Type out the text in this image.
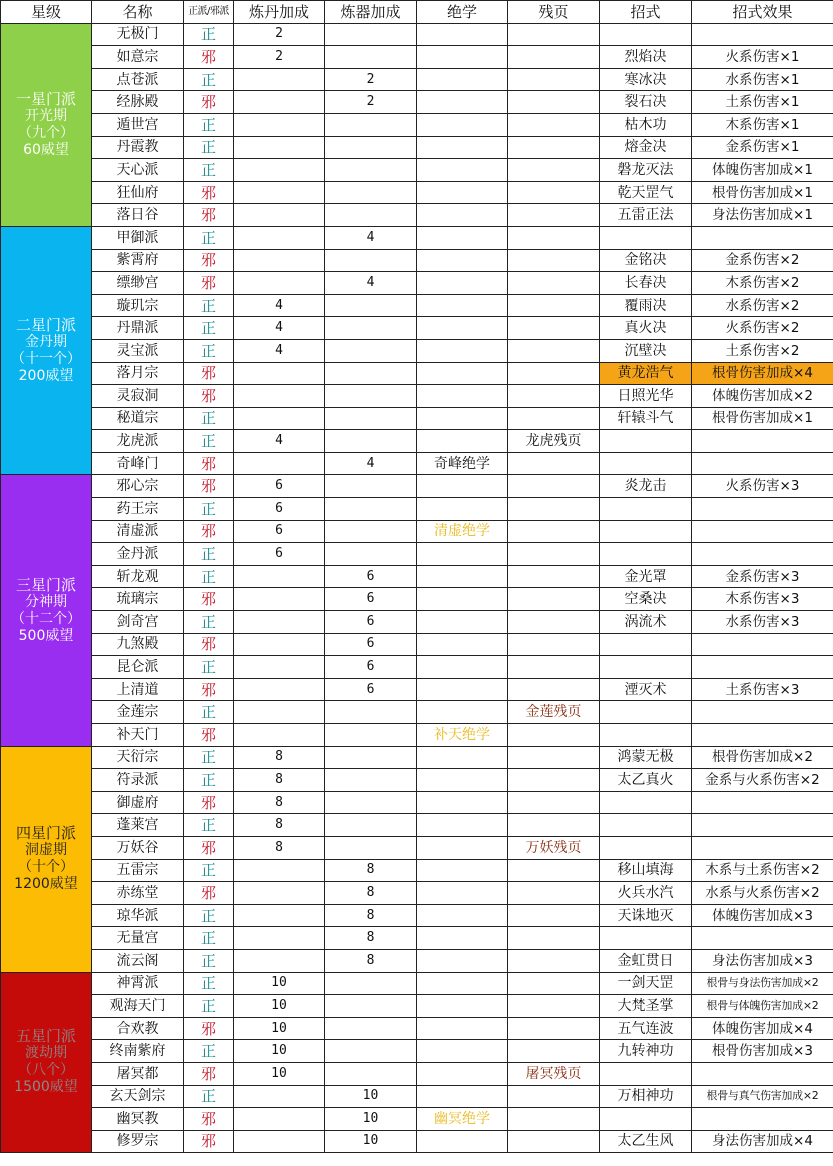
星级	名称	正派/邪派	炼丹加成	炼器加成	绝学	残页	招式	招式效果

一星门派
开光期
（九个）
60威望	无极门	正	2					
	如意宗	邪	2				烈焰决	火系伤害×1
	点苍派	正		2			寒冰决	水系伤害×1
	经脉殿	邪		2			裂石决	土系伤害×1
	遁世宫	正					枯木功	木系伤害×1
	丹霞教	正					熔金决	金系伤害×1
	天心派	正					磐龙灭法	体魄伤害加成×1
	狂仙府	邪					乾天罡气	根骨伤害加成×1
	落日谷	邪					五雷正法	身法伤害加成×1

二星门派
金丹期
（十一个）
200威望	甲御派	正		4				
	紫霄府	邪					金铭决	金系伤害×2
	缥缈宫	邪		4			长春决	木系伤害×2
	璇玑宗	正	4				覆雨决	水系伤害×2
	丹鼎派	正	4				真火决	火系伤害×2
	灵宝派	正	4				沉壁决	土系伤害×2
	落月宗	邪					黄龙浩气	根骨伤害加成×4
	灵寂洞	邪					日照光华	体魄伤害加成×2
	秘道宗	正					轩辕斗气	根骨伤害加成×1
	龙虎派	正	4			龙虎残页		
	奇峰门	邪		4	奇峰绝学			

三星门派
分神期
（十二个）
500威望	邪心宗	邪	6				炎龙击	火系伤害×3
	药王宗	正	6					
	清虚派	邪	6		清虚绝学			
	金丹派	正	6					
	斩龙观	正		6			金光罩	金系伤害×3
	琉璃宗	邪		6			空桑决	木系伤害×3
	剑奇宫	正		6			涡流术	水系伤害×3
	九煞殿	邪		6				
	昆仑派	正		6				
	上清道	邪		6			湮灭术	土系伤害×3
	金莲宗	正				金莲残页		
	补天门	邪			补天绝学			

四星门派
洞虚期
（十个）
1200威望	天衍宗	正	8				鸿蒙无极	根骨伤害加成×2
	符录派	正	8				太乙真火	金系与火系伤害×2
	御虚府	邪	8					
	蓬莱宫	正	8					
	万妖谷	邪	8			万妖残页		
	五雷宗	正		8			移山填海	木系与土系伤害×2
	赤练堂	邪		8			火兵水汽	水系与火系伤害×2
	琼华派	正		8			天诛地灭	体魄伤害加成×3
	无量宫	正		8				
	流云阁	正		8			金虹贯日	身法伤害加成×3

五星门派
渡劫期
（八个）
1500威望	神霄派	正	10				一剑天罡	根骨与身法伤害加成×2
	观海天门	正	10				大梵圣掌	根骨与体魄伤害加成×2
	合欢教	邪	10				五气连波	体魄伤害加成×4
	终南紫府	正	10				九转神功	根骨伤害加成×3
	屠冥都	邪	10			屠冥残页		
	玄天剑宗	正		10			万相神功	根骨与真气伤害加成×2
	幽冥教	邪		10	幽冥绝学			
	修罗宗	邪		10			太乙生风	身法伤害加成×4
